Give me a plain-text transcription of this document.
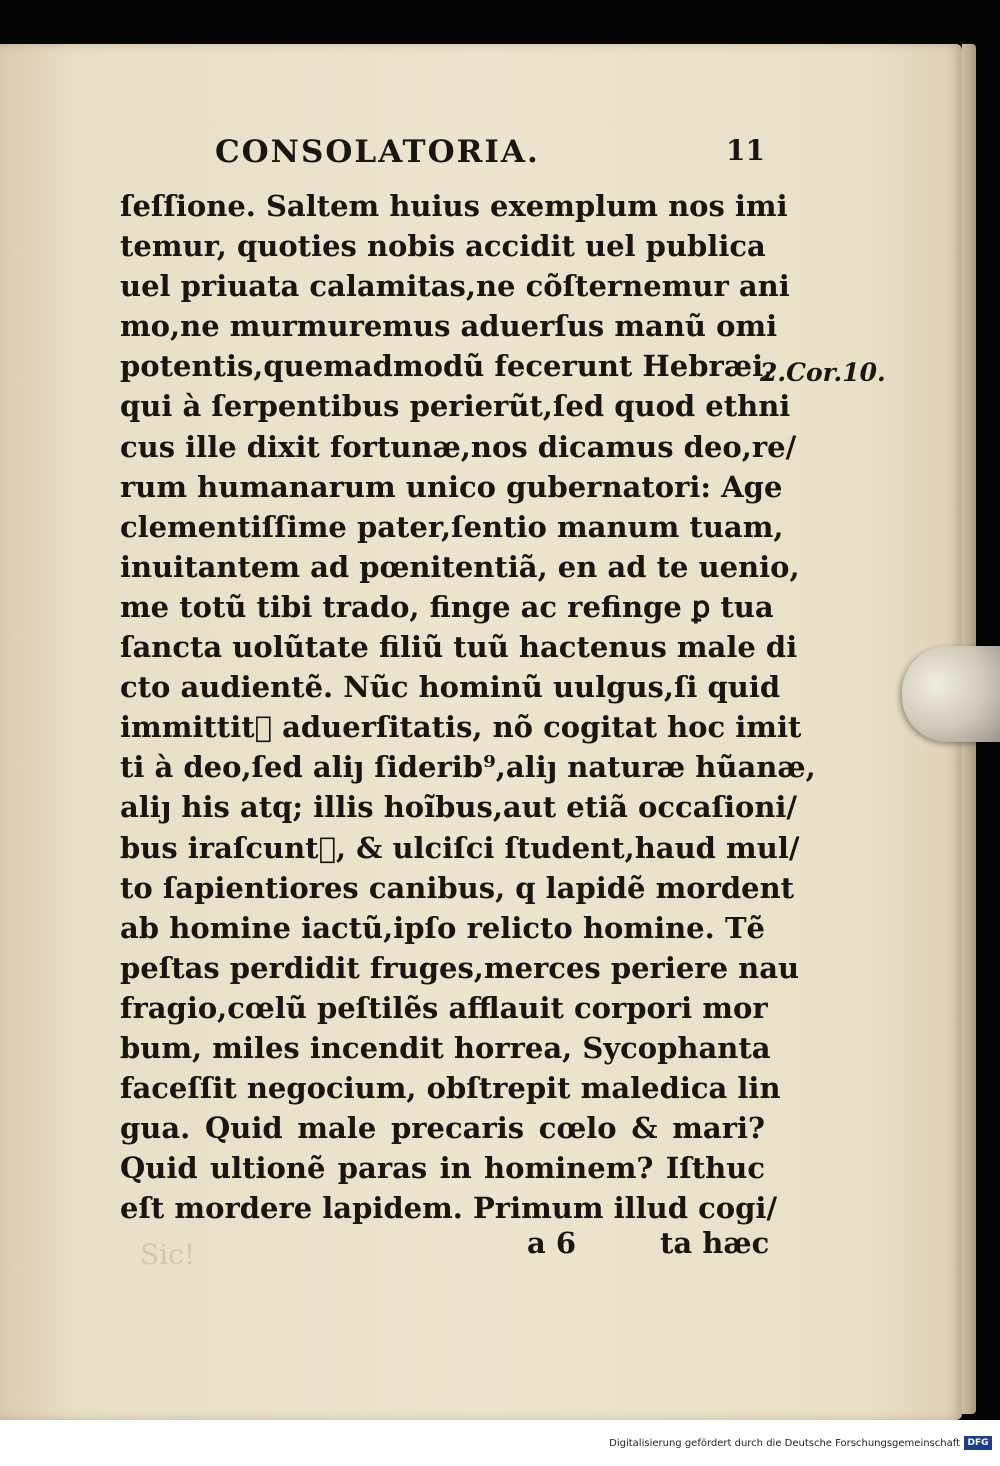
CONSOLATORIA.	11
2.Cor.10.
ſeſſione. Saltem huius exemplum nos imi
temur, quoties nobis accidit uel publica
uel priuata calamitas,ne cõſternemur ani
mo,ne murmuremus aduerſus manũ omi
potentis,quemadmodũ fecerunt Hebræi,
qui à ſerpentibus perierũt,ſed quod ethni
cus ille dixit fortunæ,nos dicamus deo,re/
rum humanarum unico gubernatori: Age
clementiſſime pater,ſentio manum tuam,
inuitantem ad pœnitentiã, en ad te uenio,
me totũ tibi trado, finge ac refinge ꝑ tua
ſancta uolũtate filiũ tuũ hactenus male di
cto audientẽ. Nũc hominũ uulgus,ſi quid
immittitᷣ aduerſitatis, nõ cogitat hoc imit
ti à deo,ſed aliȷ ſiderib⁹,aliȷ naturæ hũanæ,
aliȷ his atq; illis hoĩbus,aut etiã occaſioni/
bus iraſcuntᷣ, & ulciſci ſtudent,haud mul/
to ſapientiores canibus, q lapidẽ mordent
ab homine iactũ,ipſo relicto homine. Tẽ
peſtas perdidit fruges,merces periere nau
fragio,cœlũ peſtilẽs afflauit corpori mor
bum, miles incendit horrea, Sycophanta
faceſſit negocium, obſtrepit maledica lin
gua. Quid male precaris cœlo & mari?
Quid ultionẽ paras in hominem? Iſthuc
eſt mordere lapidem. Primum illud cogi/
Sic!	a 6	ta hæc
Digitalisierung gefördert durch die Deutsche Forschungsgemeinschaft DFG
